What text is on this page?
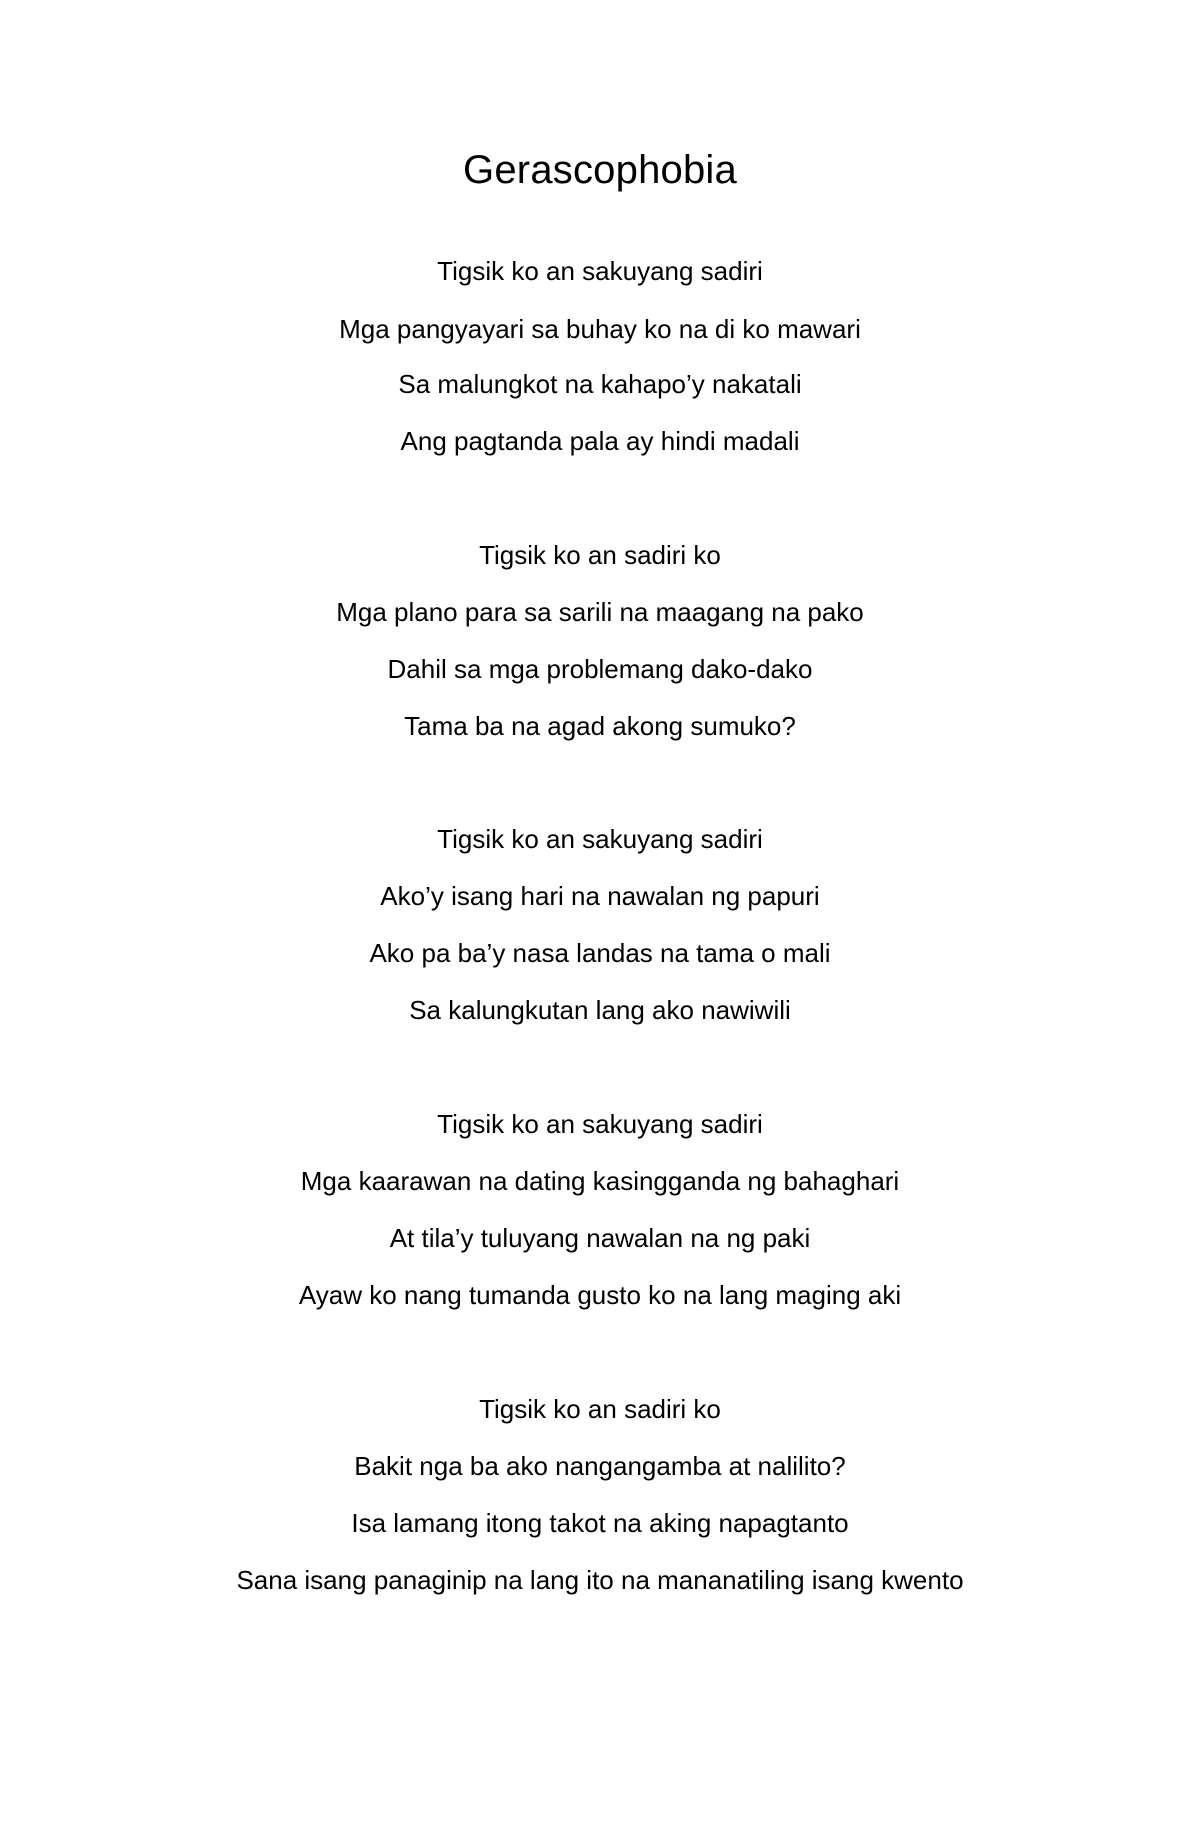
Gerascophobia
Tigsik ko an sakuyang sadiri
Mga pangyayari sa buhay ko na di ko mawari
Sa malungkot na kahapo’y nakatali
Ang pagtanda pala ay hindi madali
Tigsik ko an sadiri ko
Mga plano para sa sarili na maagang na pako
Dahil sa mga problemang dako-dako
Tama ba na agad akong sumuko?
Tigsik ko an sakuyang sadiri
Ako’y isang hari na nawalan ng papuri
Ako pa ba’y nasa landas na tama o mali
Sa kalungkutan lang ako nawiwili
Tigsik ko an sakuyang sadiri
Mga kaarawan na dating kasingganda ng bahaghari
At tila’y tuluyang nawalan na ng paki
Ayaw ko nang tumanda gusto ko na lang maging aki
Tigsik ko an sadiri ko
Bakit nga ba ako nangangamba at nalilito?
Isa lamang itong takot na aking napagtanto
Sana isang panaginip na lang ito na mananatiling isang kwento
